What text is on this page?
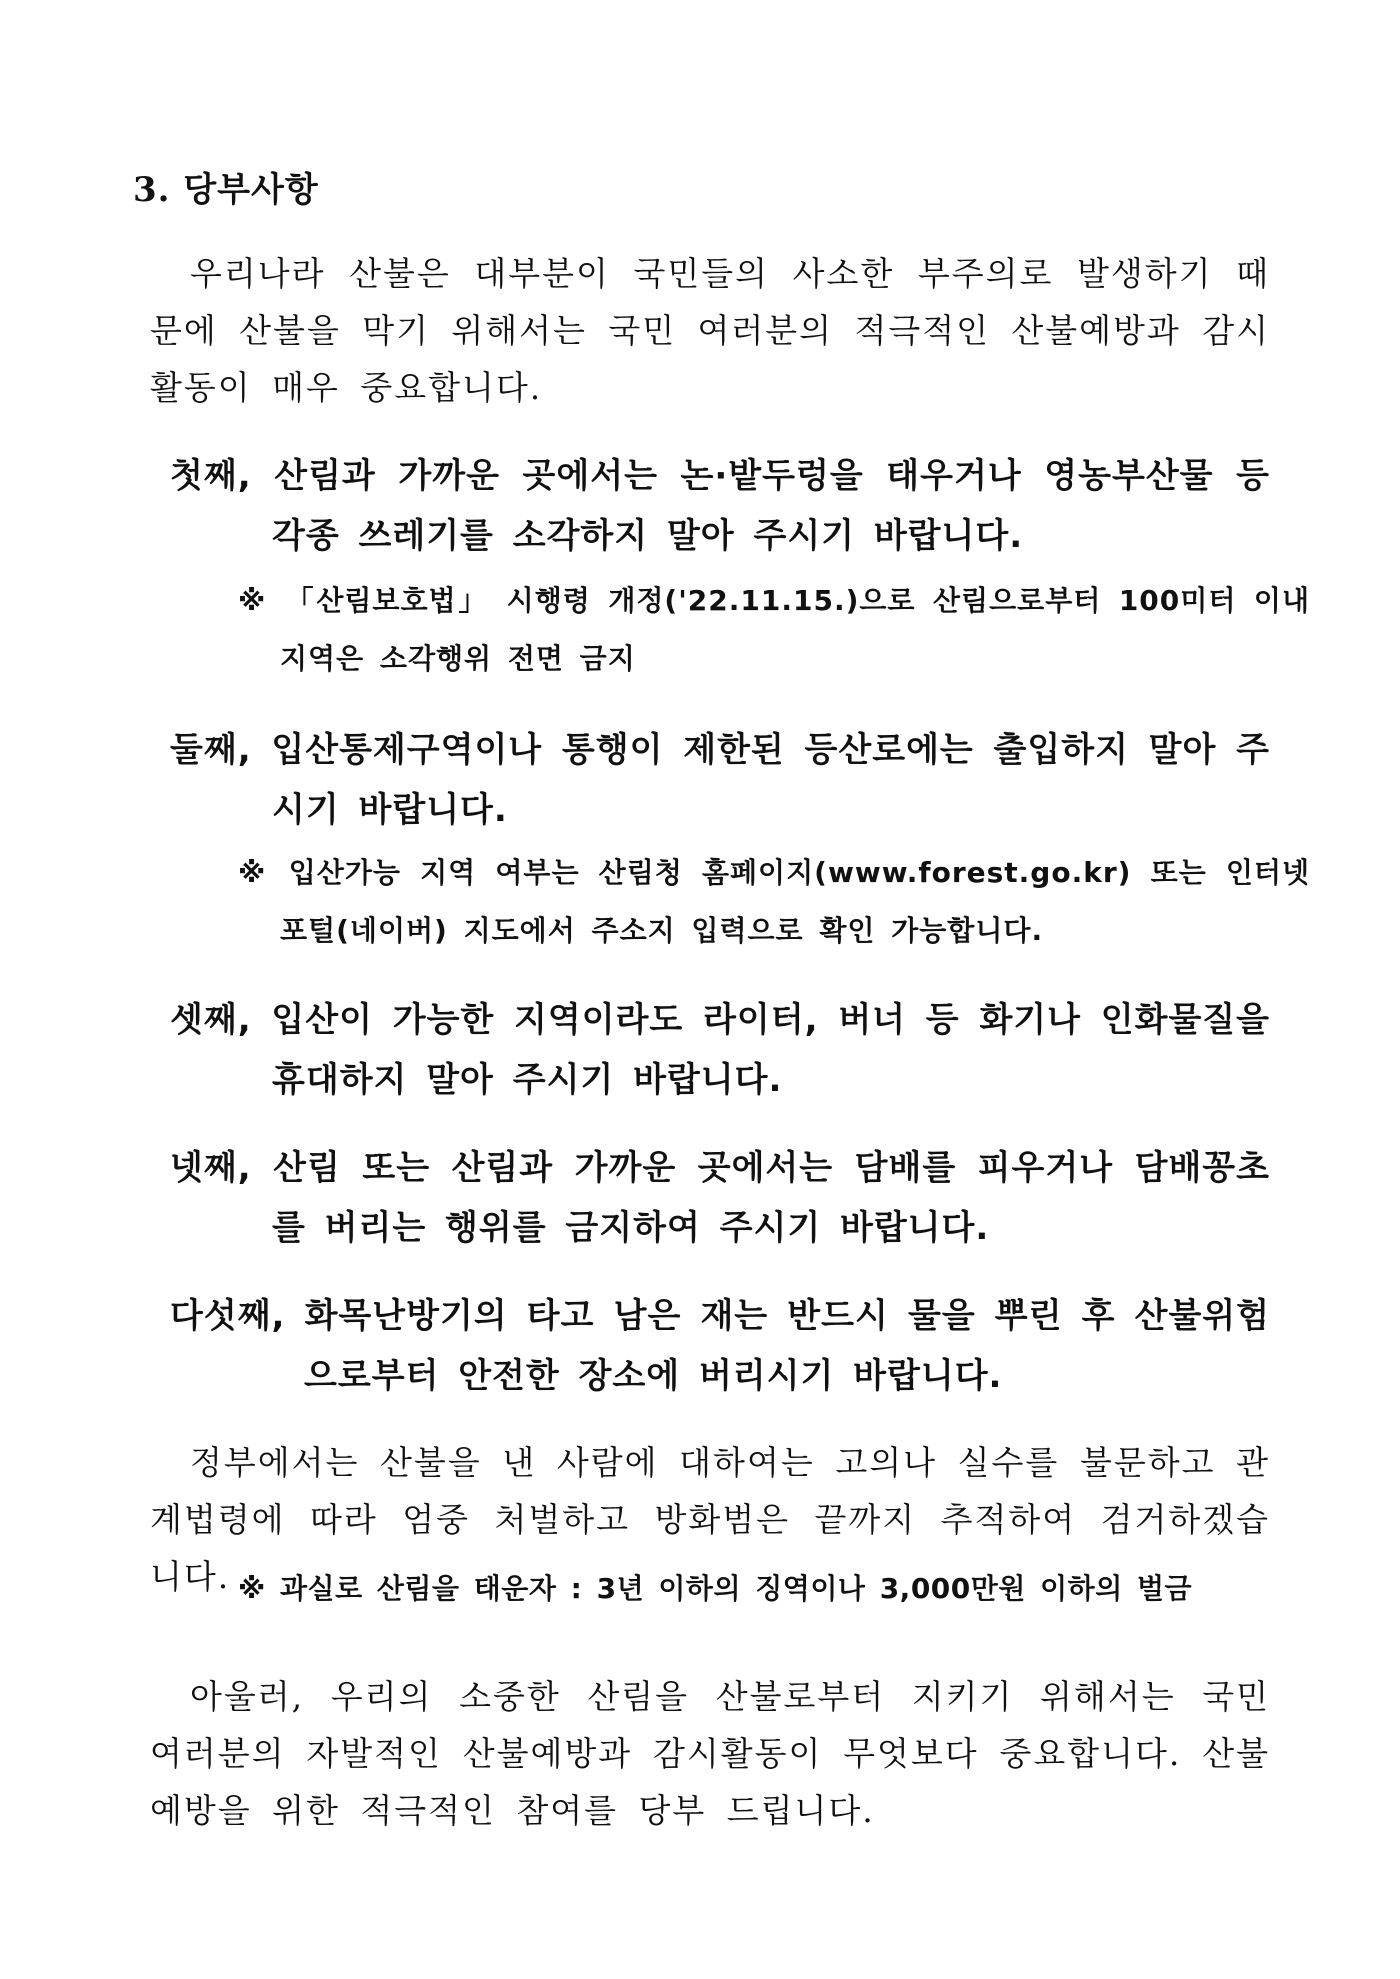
3. 당부사항
우리나라 산불은 대부분이 국민들의 사소한 부주의로 발생하기 때문에 산불을 막기 위해서는 국민 여러분의 적극적인 산불예방과 감시 활동이 매우 중요합니다.
첫째, 산림과 가까운 곳에서는 논·밭두렁을 태우거나 영농부산물 등 각종 쓰레기를 소각하지 말아 주시기 바랍니다.
※ 「산림보호법」 시행령 개정('22.11.15.)으로 산림으로부터 100미터 이내 지역은 소각행위 전면 금지
둘째, 입산통제구역이나 통행이 제한된 등산로에는 출입하지 말아 주시기 바랍니다.
※ 입산가능 지역 여부는 산림청 홈페이지(www.forest.go.kr) 또는 인터넷 포털(네이버) 지도에서 주소지 입력으로 확인 가능합니다.
셋째, 입산이 가능한 지역이라도 라이터, 버너 등 화기나 인화물질을 휴대하지 말아 주시기 바랍니다.
넷째, 산림 또는 산림과 가까운 곳에서는 담배를 피우거나 담배꽁초를 버리는 행위를 금지하여 주시기 바랍니다.
다섯째, 화목난방기의 타고 남은 재는 반드시 물을 뿌린 후 산불위험 으로부터 안전한 장소에 버리시기 바랍니다.
정부에서는 산불을 낸 사람에 대하여는 고의나 실수를 불문하고 관계법령에 따라 엄중 처벌하고 방화범은 끝까지 추적하여 검거하겠습니다. ※ 과실로 산림을 태운자 : 3년 이하의 징역이나 3,000만원 이하의 벌금
아울러, 우리의 소중한 산림을 산불로부터 지키기 위해서는 국민 여러분의 자발적인 산불예방과 감시활동이 무엇보다 중요합니다. 산불 예방을 위한 적극적인 참여를 당부 드립니다.
